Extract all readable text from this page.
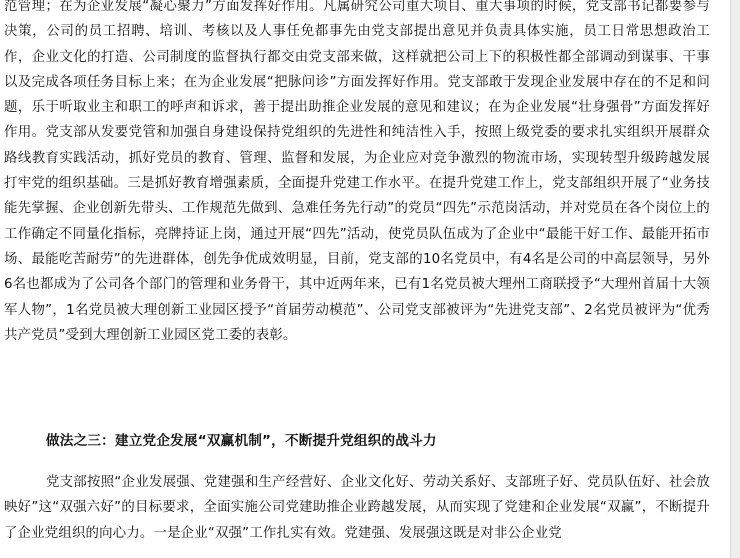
范管理；在为企业发展“凝心聚力”方面发挥好作用。凡属研究公司重大项目、重大事项的时候，党支部书记都要参与决策，公司的员工招聘、培训、考核以及人事任免都事先由党支部提出意见并负责具体实施，员工日常思想政治工作，企业文化的打造、公司制度的监督执行都交由党支部来做，这样就把公司上下的积极性都全部调动到谋事、干事以及完成各项任务目标上来；在为企业发展“把脉问诊”方面发挥好作用。党支部敢于发现企业发展中存在的不足和问题，乐于听取业主和职工的呼声和诉求，善于提出助推企业发展的意见和建议；在为企业发展“壮身强骨”方面发挥好作用。党支部从发要党管和加强自身建设保持党组织的先进性和纯洁性入手，按照上级党委的要求扎实组织开展群众路线教育实践活动，抓好党员的教育、管理、监督和发展，为企业应对竞争激烈的物流市场，实现转型升级跨越发展打牢党的组织基础。三是抓好教育增强素质，全面提升党建工作水平。在提升党建工作上，党支部组织开展了“业务技能先掌握、企业创新先带头、工作规范先做到、急难任务先行动”的党员“四先”示范岗活动，并对党员在各个岗位上的工作确定不同量化指标，亮牌持证上岗，通过开展“四先”活动，使党员队伍成为了企业中“最能干好工作、最能开拓市场、最能吃苦耐劳”的先进群体，创先争优成效明显，目前，党支部的10名党员中，有4名是公司的中高层领导，另外6名也都成为了公司各个部门的管理和业务骨干，其中近两年来，已有1名党员被大理州工商联授予“大理州首届十大领军人物”，1名党员被大理创新工业园区授予“首届劳动模范”、公司党支部被评为“先进党支部”、2名党员被评为“优秀共产党员”受到大理创新工业园区党工委的表彰。

做法之三：建立党企发展“双赢机制”，不断提升党组织的战斗力

党支部按照“企业发展强、党建强和生产经营好、企业文化好、劳动关系好、支部班子好、党员队伍好、社会放映好”这“双强六好”的目标要求，全面实施公司党建助推企业跨越发展，从而实现了党建和企业发展“双赢”，不断提升了企业党组织的向心力。一是企业“双强”工作扎实有效。党建强、发展强这既是对非公企业党
